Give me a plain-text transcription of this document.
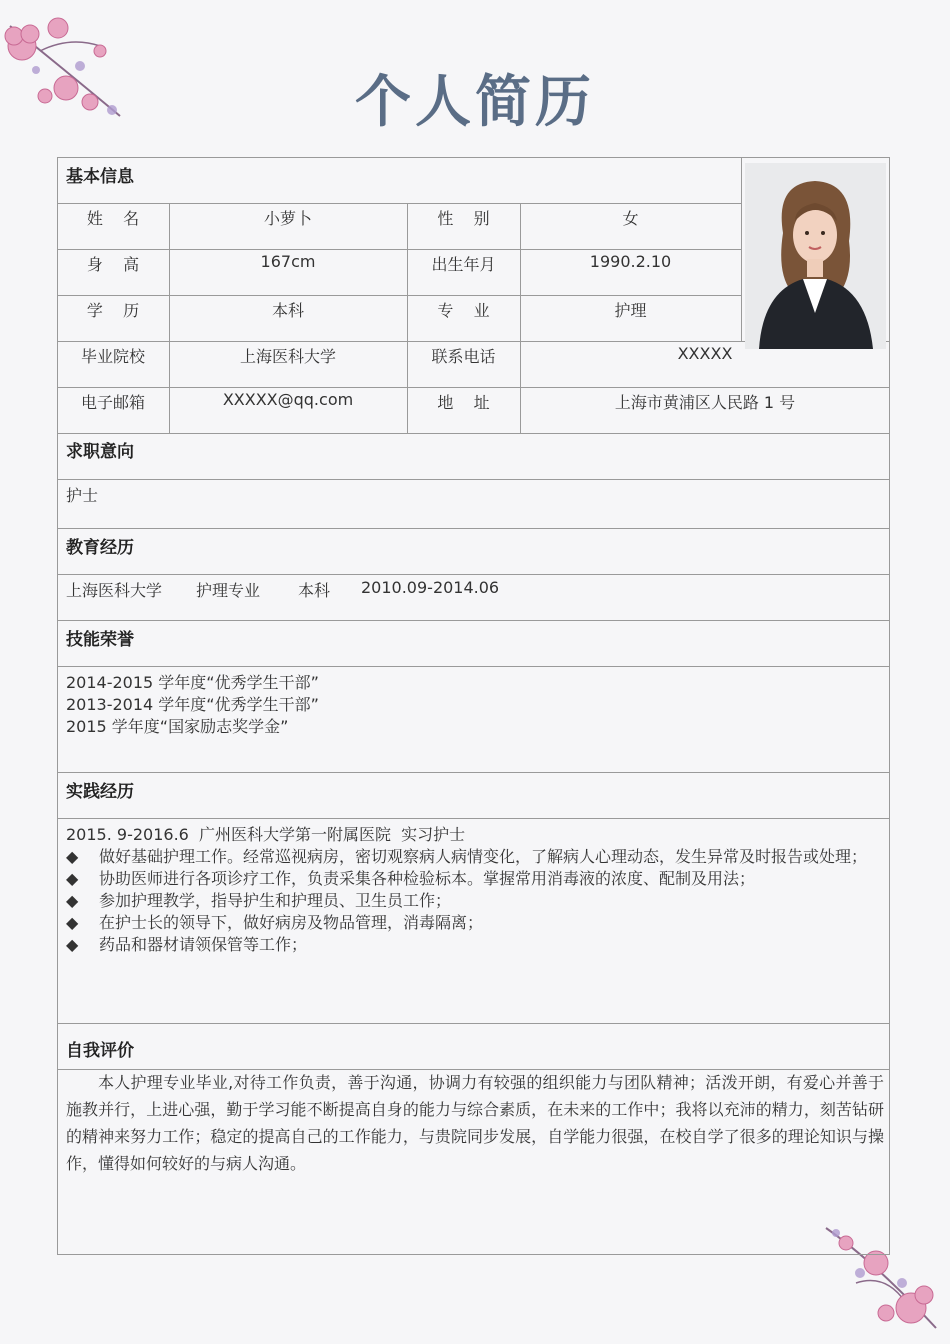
个人简历
基本信息
求职意向
教育经历
技能荣誉
实践经历
自我评价
姓    名	小萝卜	性    别	女
身    高	167cm	出生年月	1990.2.10
学    历	本科	专    业	护理
毕业院校	上海医科大学	联系电话	XXXXX
电子邮箱	XXXXX@qq.com	地    址	上海市黄浦区人民路 1 号
护士
上海医科大学 护理专业 本科 2010.09-2014.06
2014-2015 学年度“优秀学生干部”
2013-2014 学年度“优秀学生干部”
2015 学年度“国家励志奖学金”
2015. 9-2016.6  广州医科大学第一附属医院  实习护士
◆ 做好基础护理工作。经常巡视病房，密切观察病人病情变化，了解病人心理动态，发生异常及时报告或处理；
◆ 协助医师进行各项诊疗工作，负责采集各种检验标本。掌握常用消毒液的浓度、配制及用法；
◆ 参加护理教学，指导护生和护理员、卫生员工作；
◆ 在护士长的领导下，做好病房及物品管理，消毒隔离；
◆ 药品和器材请领保管等工作；
本人护理专业毕业,对待工作负责，善于沟通，协调力有较强的组织能力与团队精神；活泼开朗，有爱心并善于施教并行，上进心强，勤于学习能不断提高自身的能力与综合素质，在未来的工作中；我将以充沛的精力，刻苦钻研的精神来努力工作；稳定的提高自己的工作能力，与贵院同步发展，自学能力很强，在校自学了很多的理论知识与操作，懂得如何较好的与病人沟通。
